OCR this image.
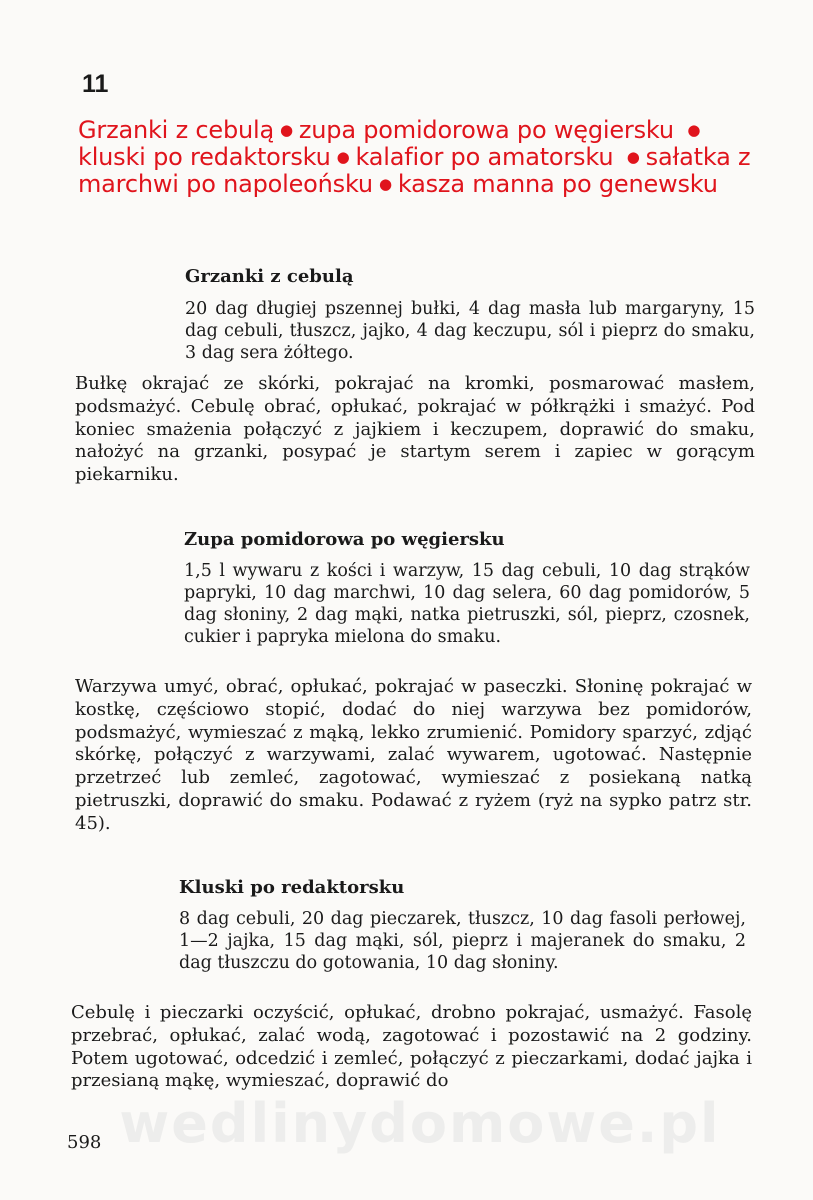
11
Grzanki z cebulą ● zupa pomidorowa po węgiersku ●kluski po redaktorsku ● kalafior po amatorsku ● sałatka z marchwi po napoleońsku ● kasza manna po genewsku
Grzanki z cebulą

20 dag długiej pszennej bułki, 4 dag masła lub margaryny, 15 dag cebuli, tłuszcz, jajko, 4 dag keczupu, sól i pieprz do smaku, 3 dag sera żółtego.

Bułkę okrajać ze skórki, pokrajać na kromki, posmarować masłem, podsmażyć. Cebulę obrać, opłukać, pokrajać w półkrążki i smażyć. Pod koniec smażenia połączyć z jajkiem i keczupem, doprawić do smaku, nałożyć na grzanki, posypać je startym serem i zapiec w gorącym piekarniku.

Zupa pomidorowa po węgiersku

1,5 l wywaru z kości i warzyw, 15 dag cebuli, 10 dag strąków papryki, 10 dag marchwi, 10 dag selera, 60 dag pomidorów, 5 dag słoniny, 2 dag mąki, natka pietruszki, sól, pieprz, czosnek, cukier i papryka mielona do smaku.

Warzywa umyć, obrać, opłukać, pokrajać w paseczki. Słoninę pokrajać w kostkę, częściowo stopić, dodać do niej warzywa bez pomidorów, podsmażyć, wymieszać z mąką, lekko zrumienić. Pomidory sparzyć, zdjąć skórkę, połączyć z warzywami, zalać wywarem, ugotować. Następnie przetrzeć lub zemleć, zagotować, wymieszać z posiekaną natką pietruszki, doprawić do smaku. Podawać z ryżem (ryż na sypko patrz str. 45).

Kluski po redaktorsku

8 dag cebuli, 20 dag pieczarek, tłuszcz, 10 dag fasoli perłowej, 1—2 jajka, 15 dag mąki, sól, pieprz i majeranek do smaku, 2 dag tłuszczu do gotowania, 10 dag słoniny.

Cebulę i pieczarki oczyścić, opłukać, drobno pokrajać, usmażyć. Fasolę przebrać, opłukać, zalać wodą, zagotować i pozostawić na 2 godziny. Potem ugotować, odcedzić i zemleć, połączyć z pieczarkami, dodać jajka i przesianą mąkę, wymieszać, doprawić do

wedlinydomowe.pl

598
